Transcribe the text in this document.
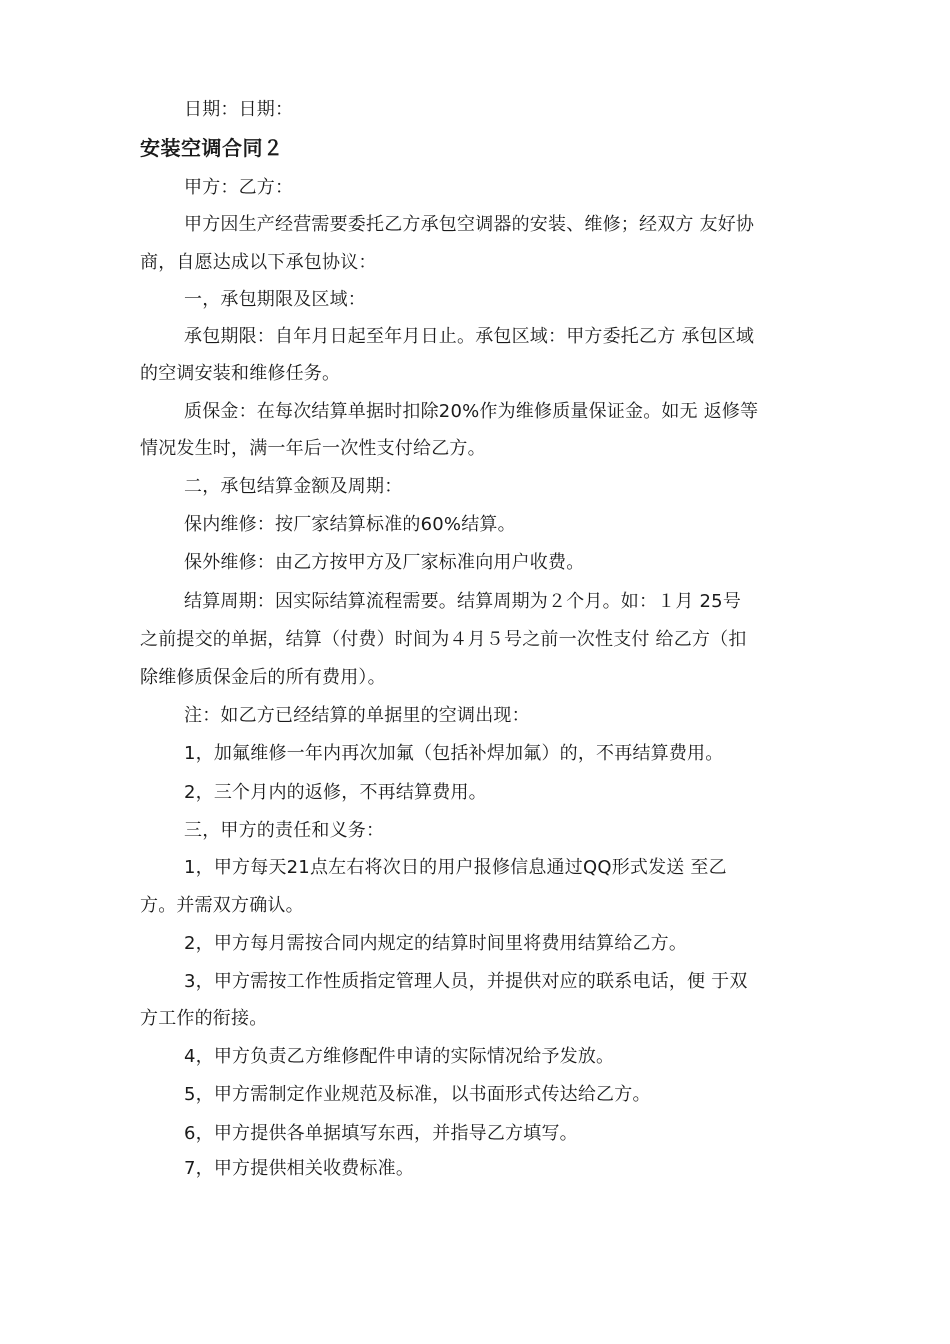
日期：日期：
安装空调合同２
甲方：乙方：
甲方因生产经营需要委托乙方承包空调器的安装、维修；经双方 友好协
商，自愿达成以下承包协议：
一，承包期限及区域：
承包期限：自年月日起至年月日止。承包区域：甲方委托乙方 承包区域
的空调安装和维修任务。
质保金：在每次结算单据时扣除20%作为维修质量保证金。如无 返修等
情况发生时，满一年后一次性支付给乙方。
二，承包结算金额及周期：
保内维修：按厂家结算标准的60%结算。
保外维修：由乙方按甲方及厂家标准向用户收费。
结算周期：因实际结算流程需要。结算周期为２个月。如：１月 25号
之前提交的单据，结算（付费）时间为４月５号之前一次性支付 给乙方（扣
除维修质保金后的所有费用）。
注：如乙方已经结算的单据里的空调出现：
1，加氟维修一年内再次加氟（包括补焊加氟）的，不再结算费用。
2，三个月内的返修，不再结算费用。
三，甲方的责任和义务：
1，甲方每天21点左右将次日的用户报修信息通过QQ形式发送 至乙
方。并需双方确认。
2，甲方每月需按合同内规定的结算时间里将费用结算给乙方。
3，甲方需按工作性质指定管理人员，并提供对应的联系电话，便 于双
方工作的衔接。
4，甲方负责乙方维修配件申请的实际情况给予发放。
5，甲方需制定作业规范及标准，以书面形式传达给乙方。
6，甲方提供各单据填写东西，并指导乙方填写。
7，甲方提供相关收费标准。
